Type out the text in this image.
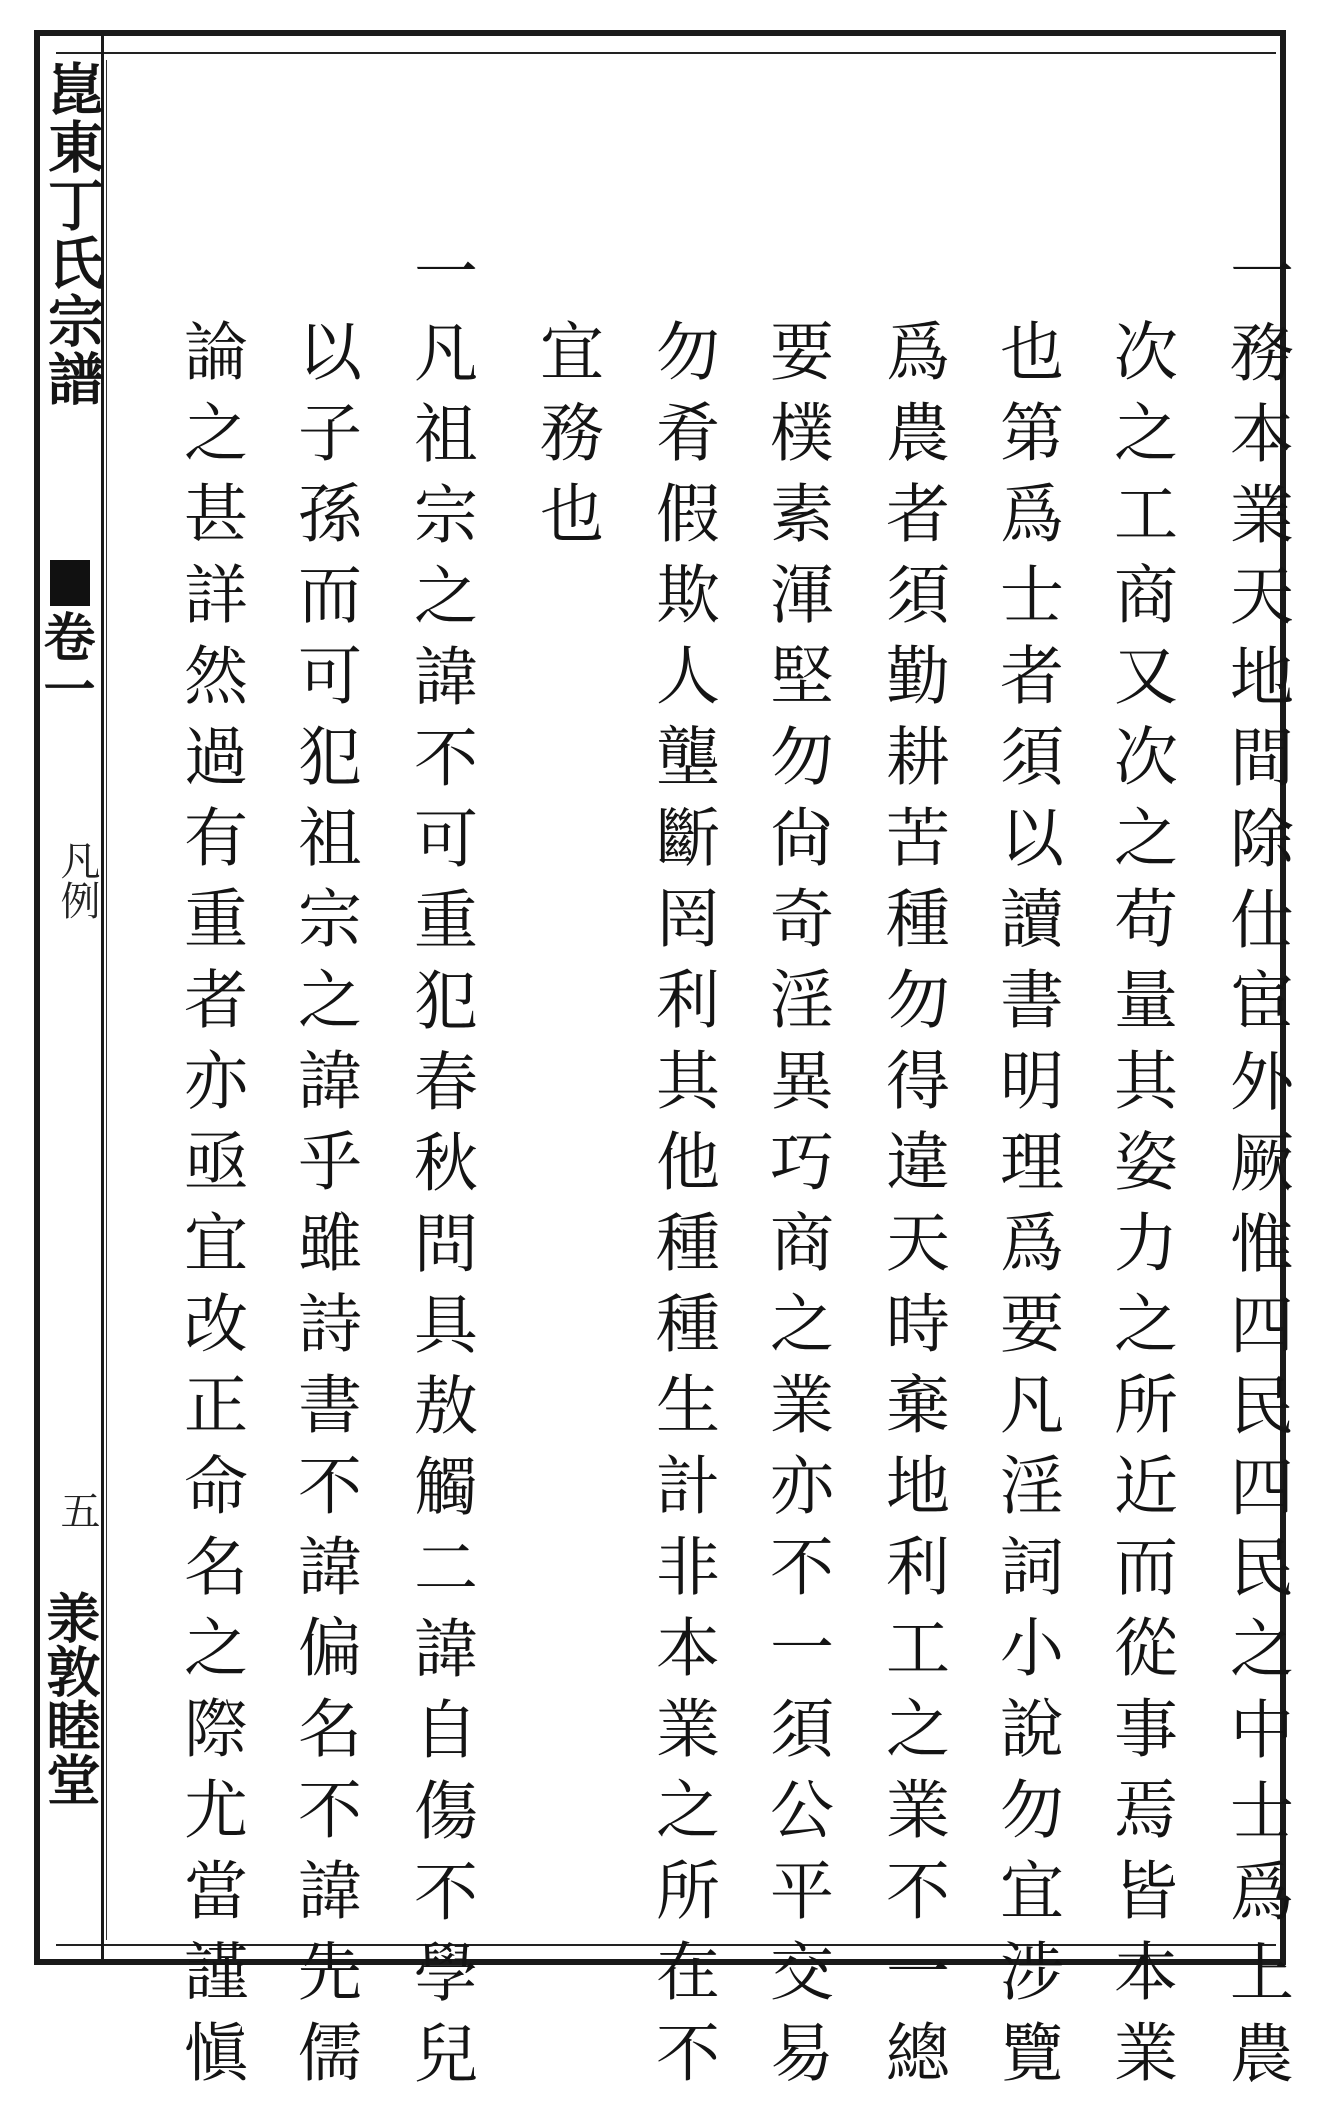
崑東丁氏宗譜
卷一
凡例
五
𣴎敦睦堂	一務本業天地間除仕宦外厥惟四民四民之中士爲上農
次之工商又次之苟量其姿力之所近而從事焉皆本業
也第爲士者須以讀書明理爲要凡淫詞小說勿宜涉覽
爲農者須勤耕苦種勿得違天時棄地利工之業不一總
要樸素渾堅勿尙奇淫異巧商之業亦不一須公平交易
勿肴假欺人壟斷罔利其他種種生計非本業之所在不
宜務也
一凡祖宗之諱不可重犯春秋問具敖觸二諱自傷不學兒
以子孫而可犯祖宗之諱乎雖詩書不諱偏名不諱先儒
論之甚詳然過有重者亦亟宜改正命名之際尤當謹愼
